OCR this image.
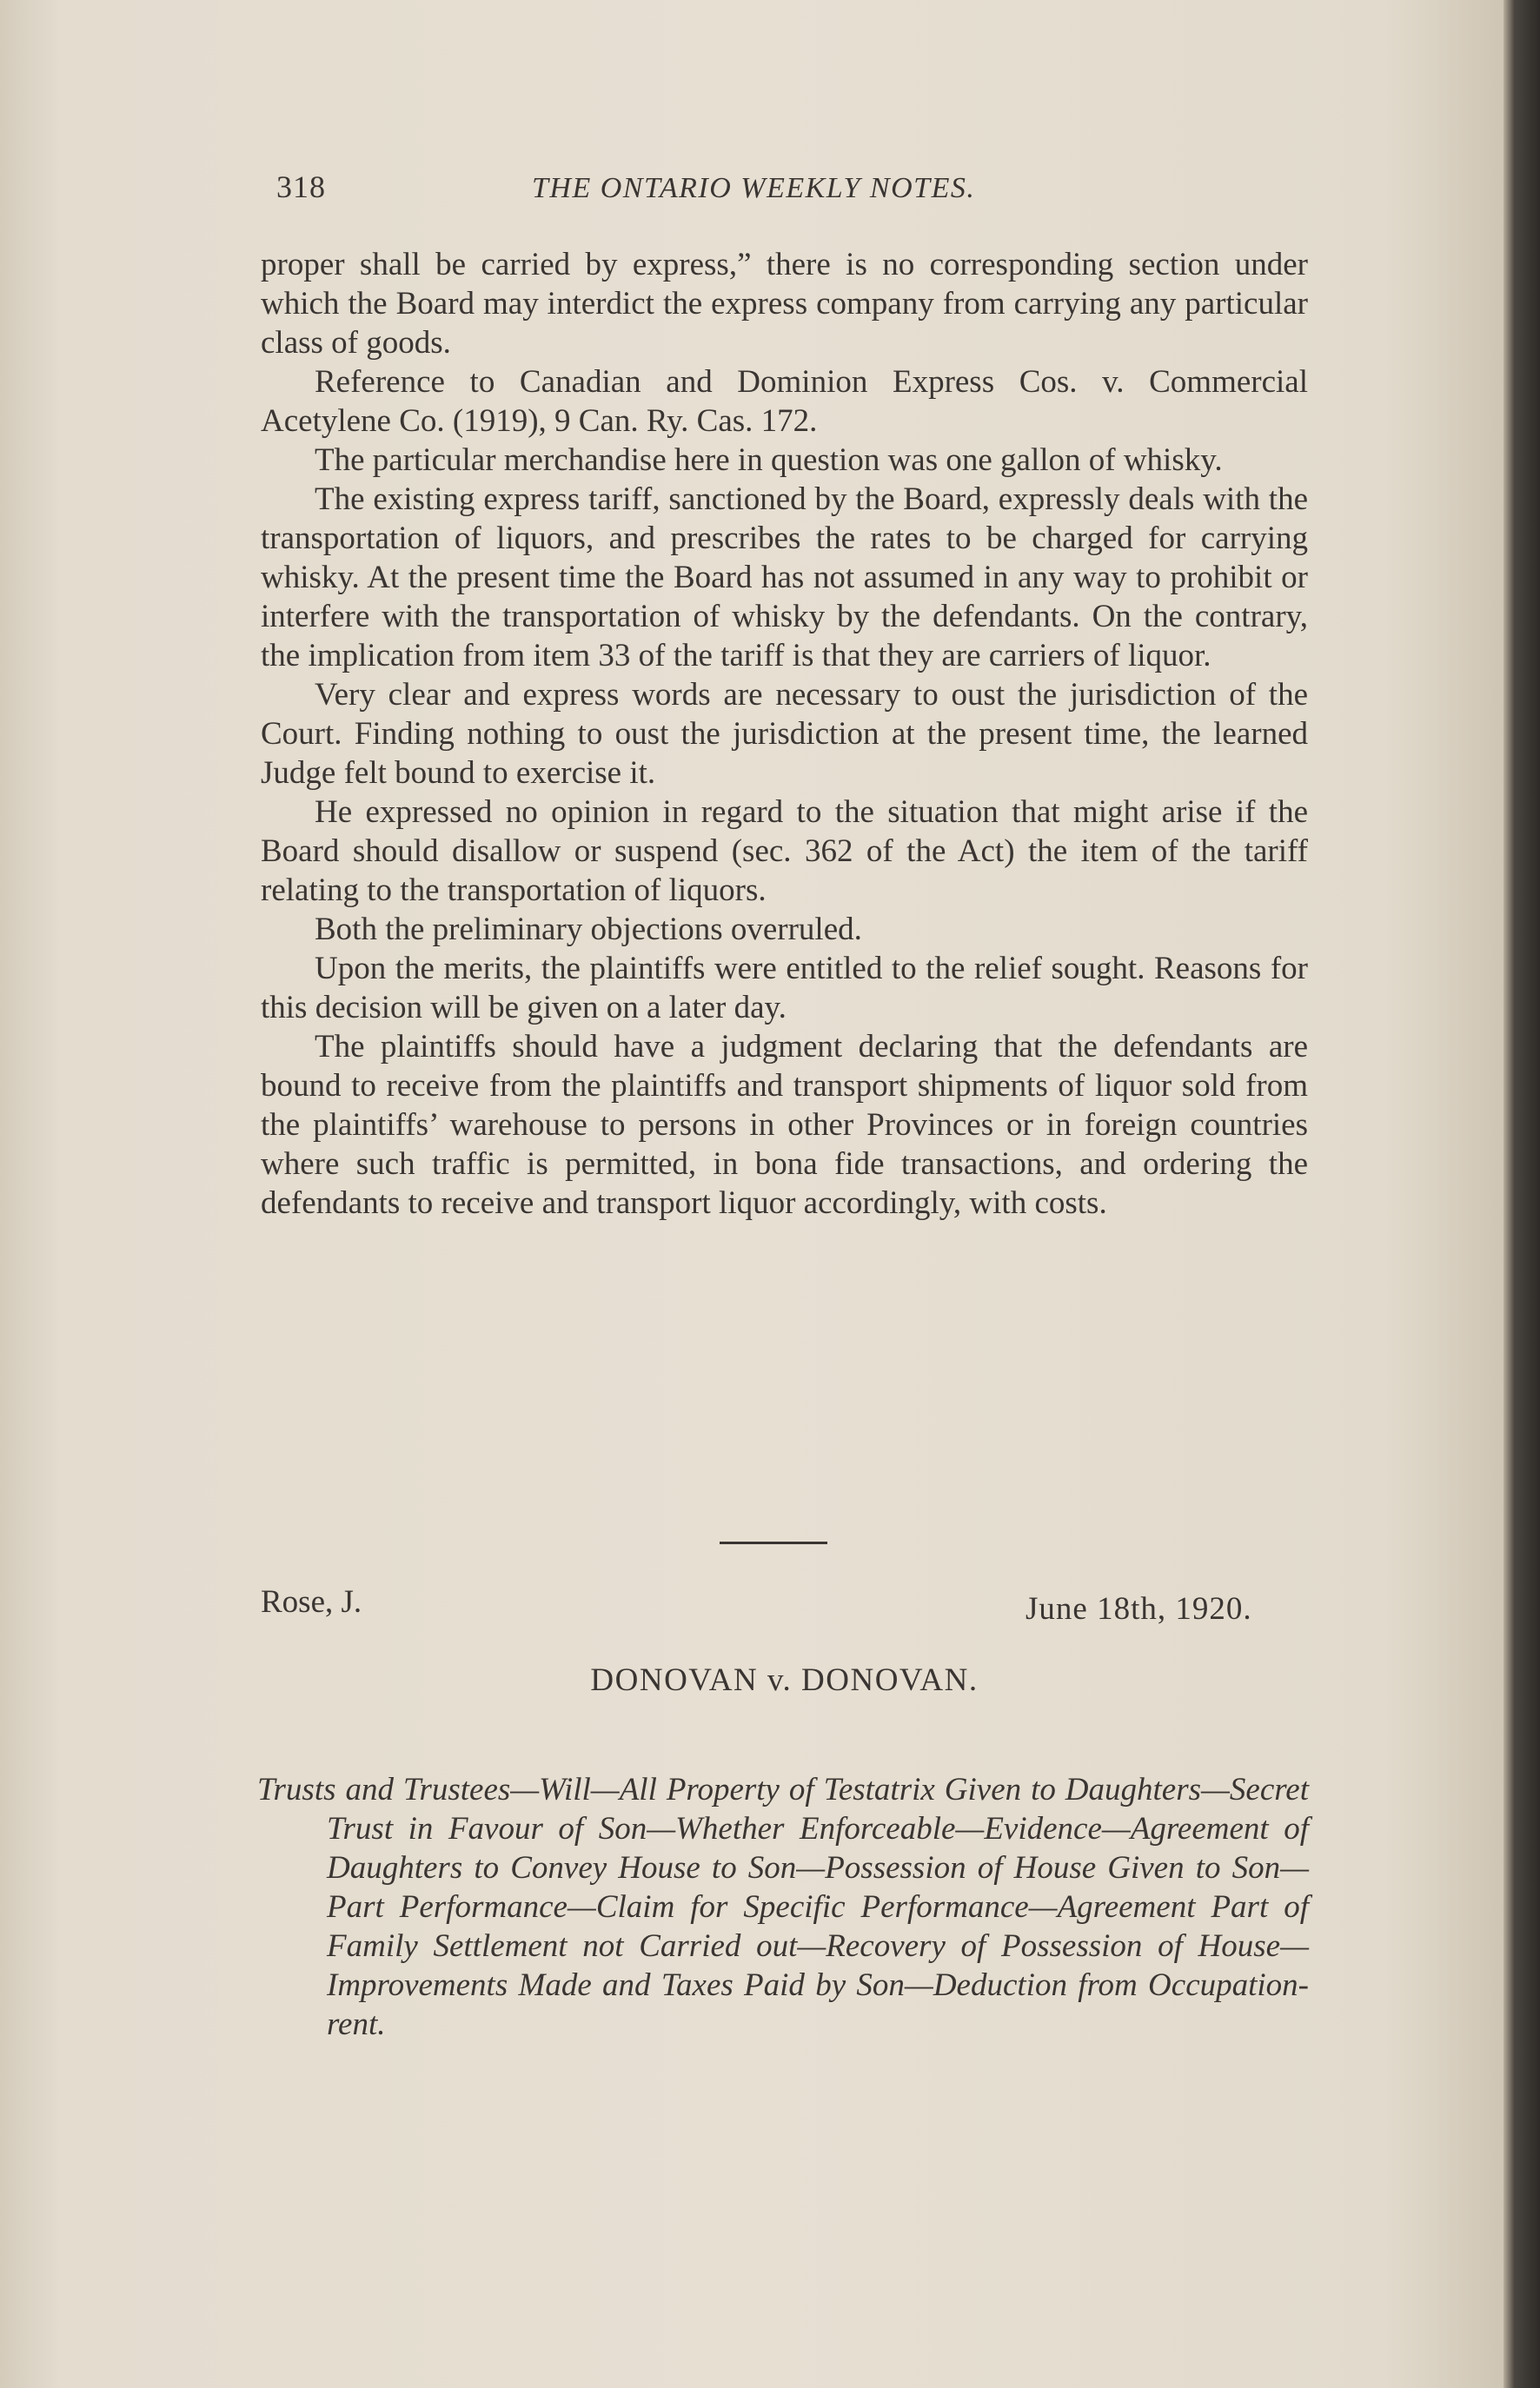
318	THE ONTARIO WEEKLY NOTES.

proper shall be carried by express,” there is no corresponding section under which the Board may interdict the express company from carrying any particular class of goods.

Reference to Canadian and Dominion Express Cos. v. Commercial Acetylene Co. (1919), 9 Can. Ry. Cas. 172.

The particular merchandise here in question was one gallon of whisky.

The existing express tariff, sanctioned by the Board, expressly deals with the transportation of liquors, and prescribes the rates to be charged for carrying whisky. At the present time the Board has not assumed in any way to prohibit or interfere with the transportation of whisky by the defendants. On the contrary, the implication from item 33 of the tariff is that they are carriers of liquor.

Very clear and express words are necessary to oust the jurisdiction of the Court. Finding nothing to oust the jurisdiction at the present time, the learned Judge felt bound to exercise it.

He expressed no opinion in regard to the situation that might arise if the Board should disallow or suspend (sec. 362 of the Act) the item of the tariff relating to the transportation of liquors.

Both the preliminary objections overruled.

Upon the merits, the plaintiffs were entitled to the relief sought. Reasons for this decision will be given on a later day.

The plaintiffs should have a judgment declaring that the defendants are bound to receive from the plaintiffs and transport shipments of liquor sold from the plaintiffs’ warehouse to persons in other Provinces or in foreign countries where such traffic is permitted, in bona fide transactions, and ordering the defendants to receive and transport liquor accordingly, with costs.

Rose, J.	June 18th, 1920.
DONOVAN v. DONOVAN.

Trusts and Trustees—Will—All Property of Testatrix Given to Daughters—Secret Trust in Favour of Son—Whether Enforceable—Evidence—Agreement of Daughters to Convey House to Son—Possession of House Given to Son—Part Performance—Claim for Specific Performance—Agreement Part of Family Settlement not Carried out—Recovery of Possession of House—Improvements Made and Taxes Paid by Son—Deduction from Occupation-rent.
